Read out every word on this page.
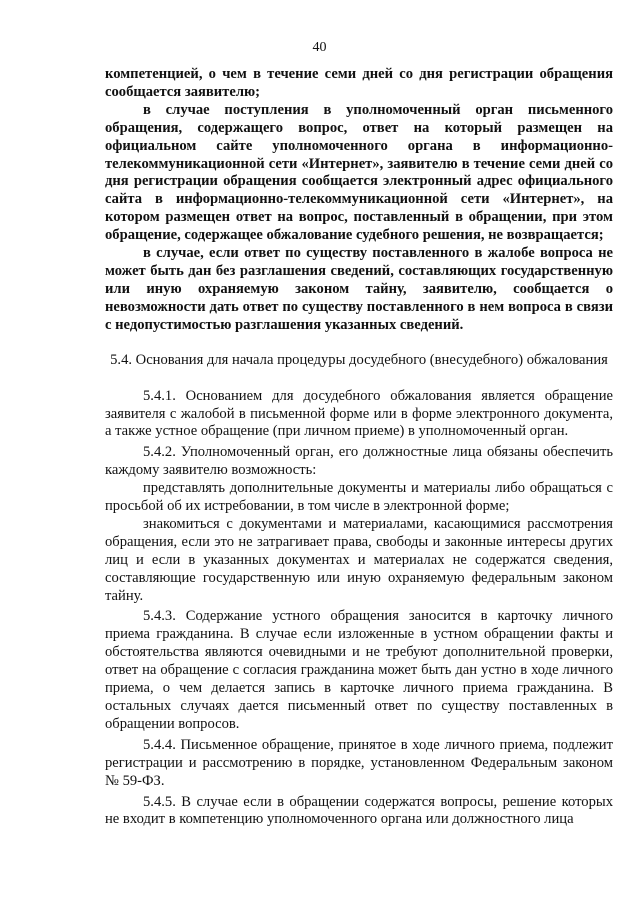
40

компетенцией, о чем в течение семи дней со дня регистрации обращения сообщается заявителю;

в случае поступления в уполномоченный орган письменного обращения, содержащего вопрос, ответ на который размещен на официальном сайте уполномоченного органа в информационно-телекоммуникационной сети «Интернет», заявителю в течение семи дней со дня регистрации обращения сообщается электронный адрес официального сайта в информационно-телекоммуникационной сети «Интернет», на котором размещен ответ на вопрос, поставленный в обращении, при этом обращение, содержащее обжалование судебного решения, не возвращается;

в случае, если ответ по существу поставленного в жалобе вопроса не может быть дан без разглашения сведений, составляющих государственную или иную охраняемую законом тайну, заявителю, сообщается о невозможности дать ответ по существу поставленного в нем вопроса в связи с недопустимостью разглашения указанных сведений.

5.4. Основания для начала процедуры досудебного (внесудебного) обжалования

5.4.1. Основанием для досудебного обжалования является обращение заявителя с жалобой в письменной форме или в форме электронного документа, а также устное обращение (при личном приеме) в уполномоченный орган.

5.4.2. Уполномоченный орган, его должностные лица обязаны обеспечить каждому заявителю возможность:

представлять дополнительные документы и материалы либо обращаться с просьбой об их истребовании, в том числе в электронной форме;

знакомиться с документами и материалами, касающимися рассмотрения обращения, если это не затрагивает права, свободы и законные интересы других лиц и если в указанных документах и материалах не содержатся сведения, составляющие государственную или иную охраняемую федеральным законом тайну.

5.4.3. Содержание устного обращения заносится в карточку личного приема гражданина. В случае если изложенные в устном обращении факты и обстоятельства являются очевидными и не требуют дополнительной проверки, ответ на обращение с согласия гражданина может быть дан устно в ходе личного приема, о чем делается запись в карточке личного приема гражданина. В остальных случаях дается письменный ответ по существу поставленных в обращении вопросов.

5.4.4. Письменное обращение, принятое в ходе личного приема, подлежит регистрации и рассмотрению в порядке, установленном Федеральным законом № 59-ФЗ.

5.4.5. В случае если в обращении содержатся вопросы, решение которых не входит в компетенцию уполномоченного органа или должностного лица
